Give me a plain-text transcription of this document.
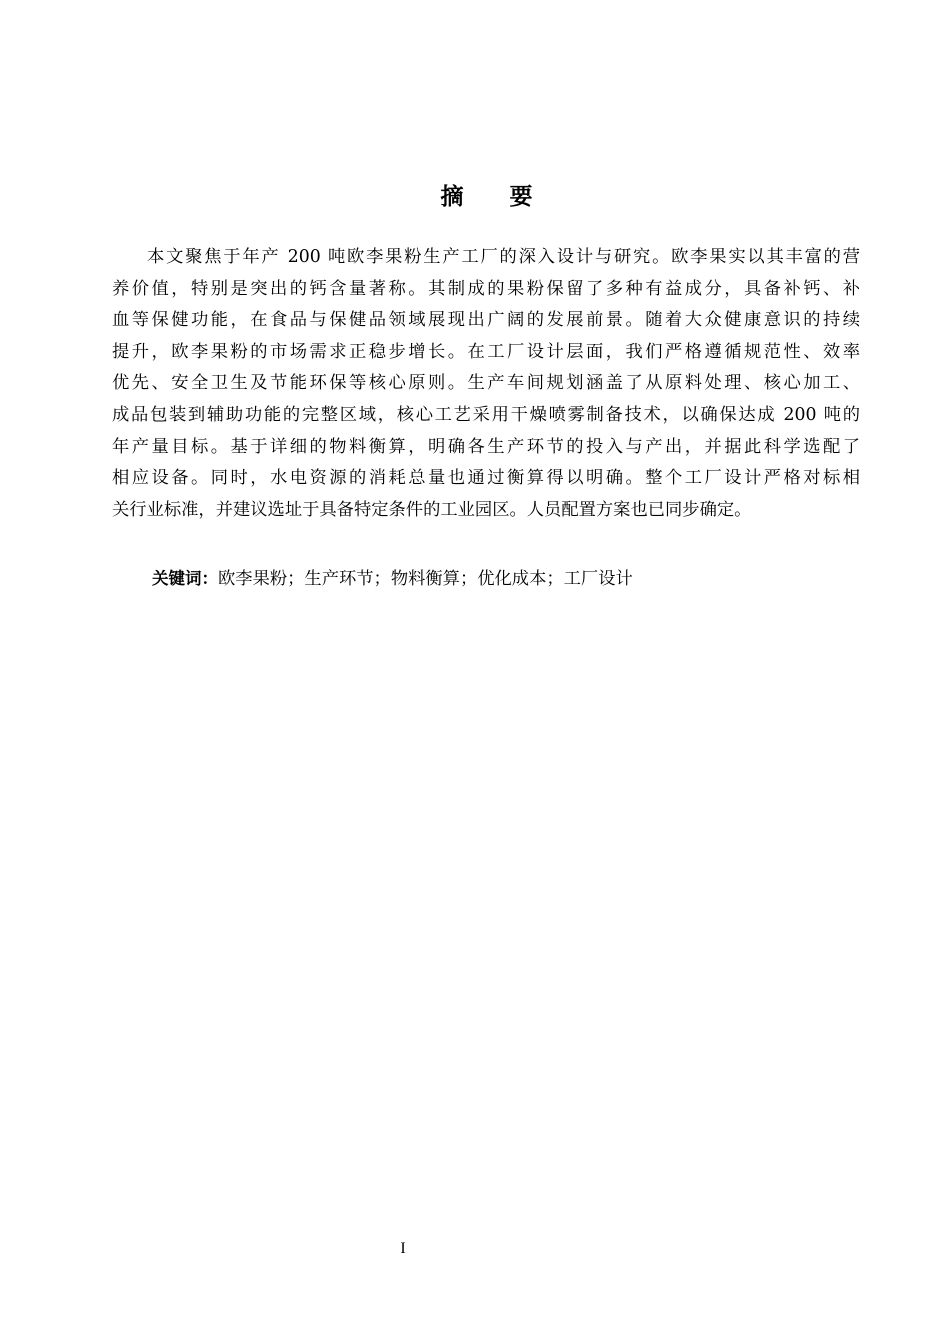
摘 要
本文聚焦于年产 200 吨欧李果粉生产工厂的深入设计与研究。欧李果实以其丰富的营
养价值，特别是突出的钙含量著称。其制成的果粉保留了多种有益成分，具备补钙、补
血等保健功能，在食品与保健品领域展现出广阔的发展前景。随着大众健康意识的持续
提升，欧李果粉的市场需求正稳步增长。在工厂设计层面，我们严格遵循规范性、效率
优先、安全卫生及节能环保等核心原则。生产车间规划涵盖了从原料处理、核心加工、
成品包装到辅助功能的完整区域，核心工艺采用干燥喷雾制备技术，以确保达成 200 吨的
年产量目标。基于详细的物料衡算，明确各生产环节的投入与产出，并据此科学选配了
相应设备。同时，水电资源的消耗总量也通过衡算得以明确。整个工厂设计严格对标相
关行业标准，并建议选址于具备特定条件的工业园区。人员配置方案也已同步确定。
关键词：欧李果粉；生产环节；物料衡算；优化成本；工厂设计
I
